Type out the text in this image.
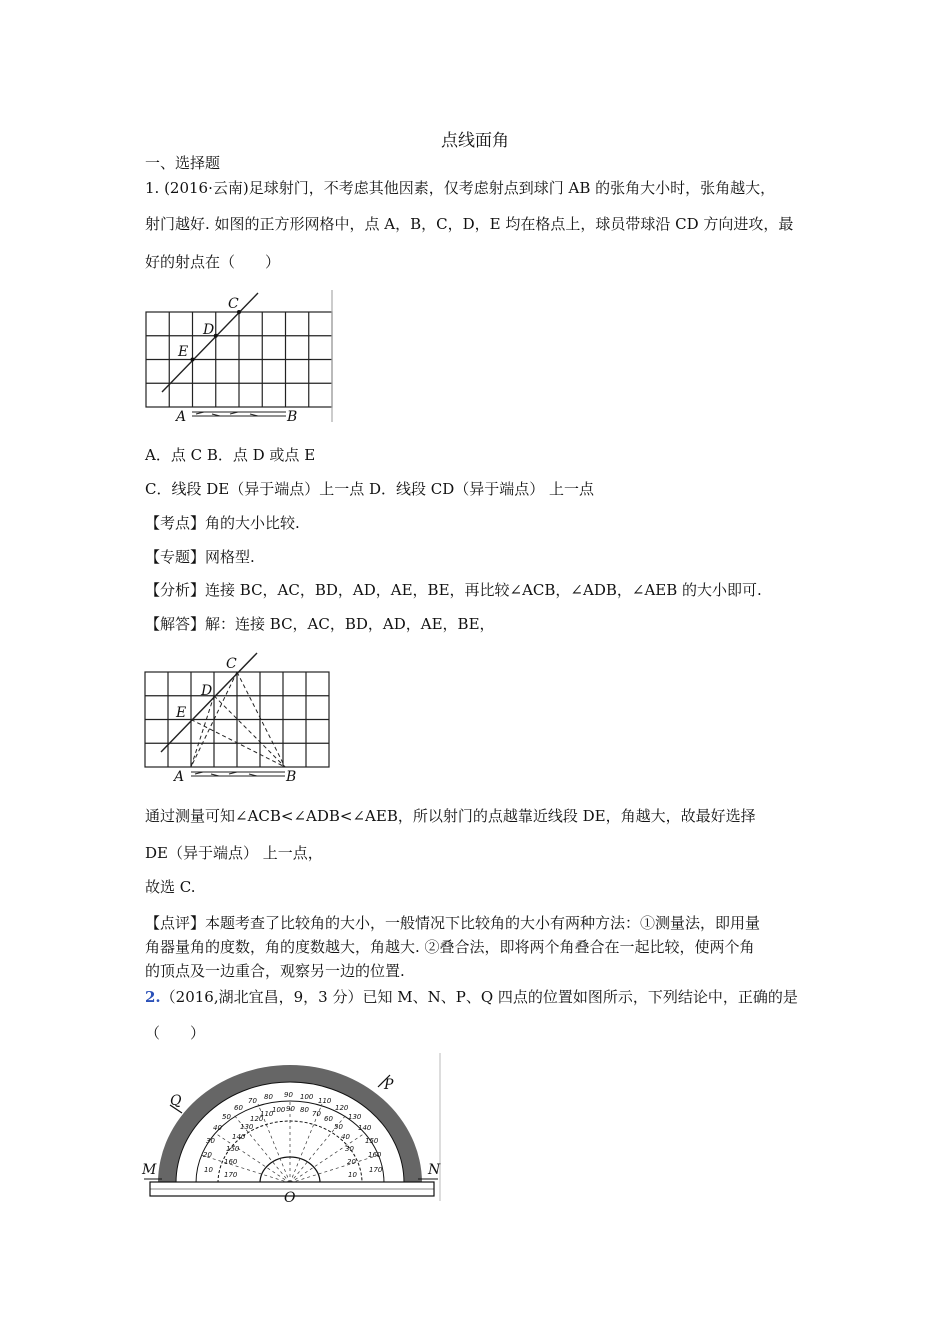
点线面角
一、选择题
1. (2016·云南)足球射门，不考虑其他因素，仅考虑射点到球门 AB 的张角大小时，张角越大，
射门越好. 如图的正方形网格中，点 A，B，C，D，E 均在格点上，球员带球沿 CD 方向进攻，最
好的射点在（　　）
C
D
E
A	B
A．点 C B．点 D 或点 E
C．线段 DE（异于端点）上一点 D．线段 CD（异于端点） 上一点
【考点】角的大小比较.
【专题】网格型.
【分析】连接 BC，AC，BD，AD，AE，BE，再比较∠ACB，∠ADB，∠AEB 的大小即可.
【解答】解：连接 BC，AC，BD，AD，AE，BE，
C
D
E
A	B
通过测量可知∠ACB<∠ADB<∠AEB，所以射门的点越靠近线段 DE，角越大，故最好选择
DE（异于端点） 上一点，
故选 C.
【点评】本题考查了比较角的大小，一般情况下比较角的大小有两种方法：①测量法，即用量
角器量角的度数，角的度数越大，角越大. ②叠合法，即将两个角叠合在一起比较，使两个角
的顶点及一边重合，观察另一边的位置.
2.（2016,湖北宜昌，9，3 分）已知 M、N、P、Q 四点的位置如图所示，下列结论中，正确的是
（　　）
10
20
30
40
50
60
70 80 90 100 110
120
130
140
150
160
170
170
160
150
140
130
120
110
100 90 80 70
60
50
40
30
20
10
M	N
P
Q
O
